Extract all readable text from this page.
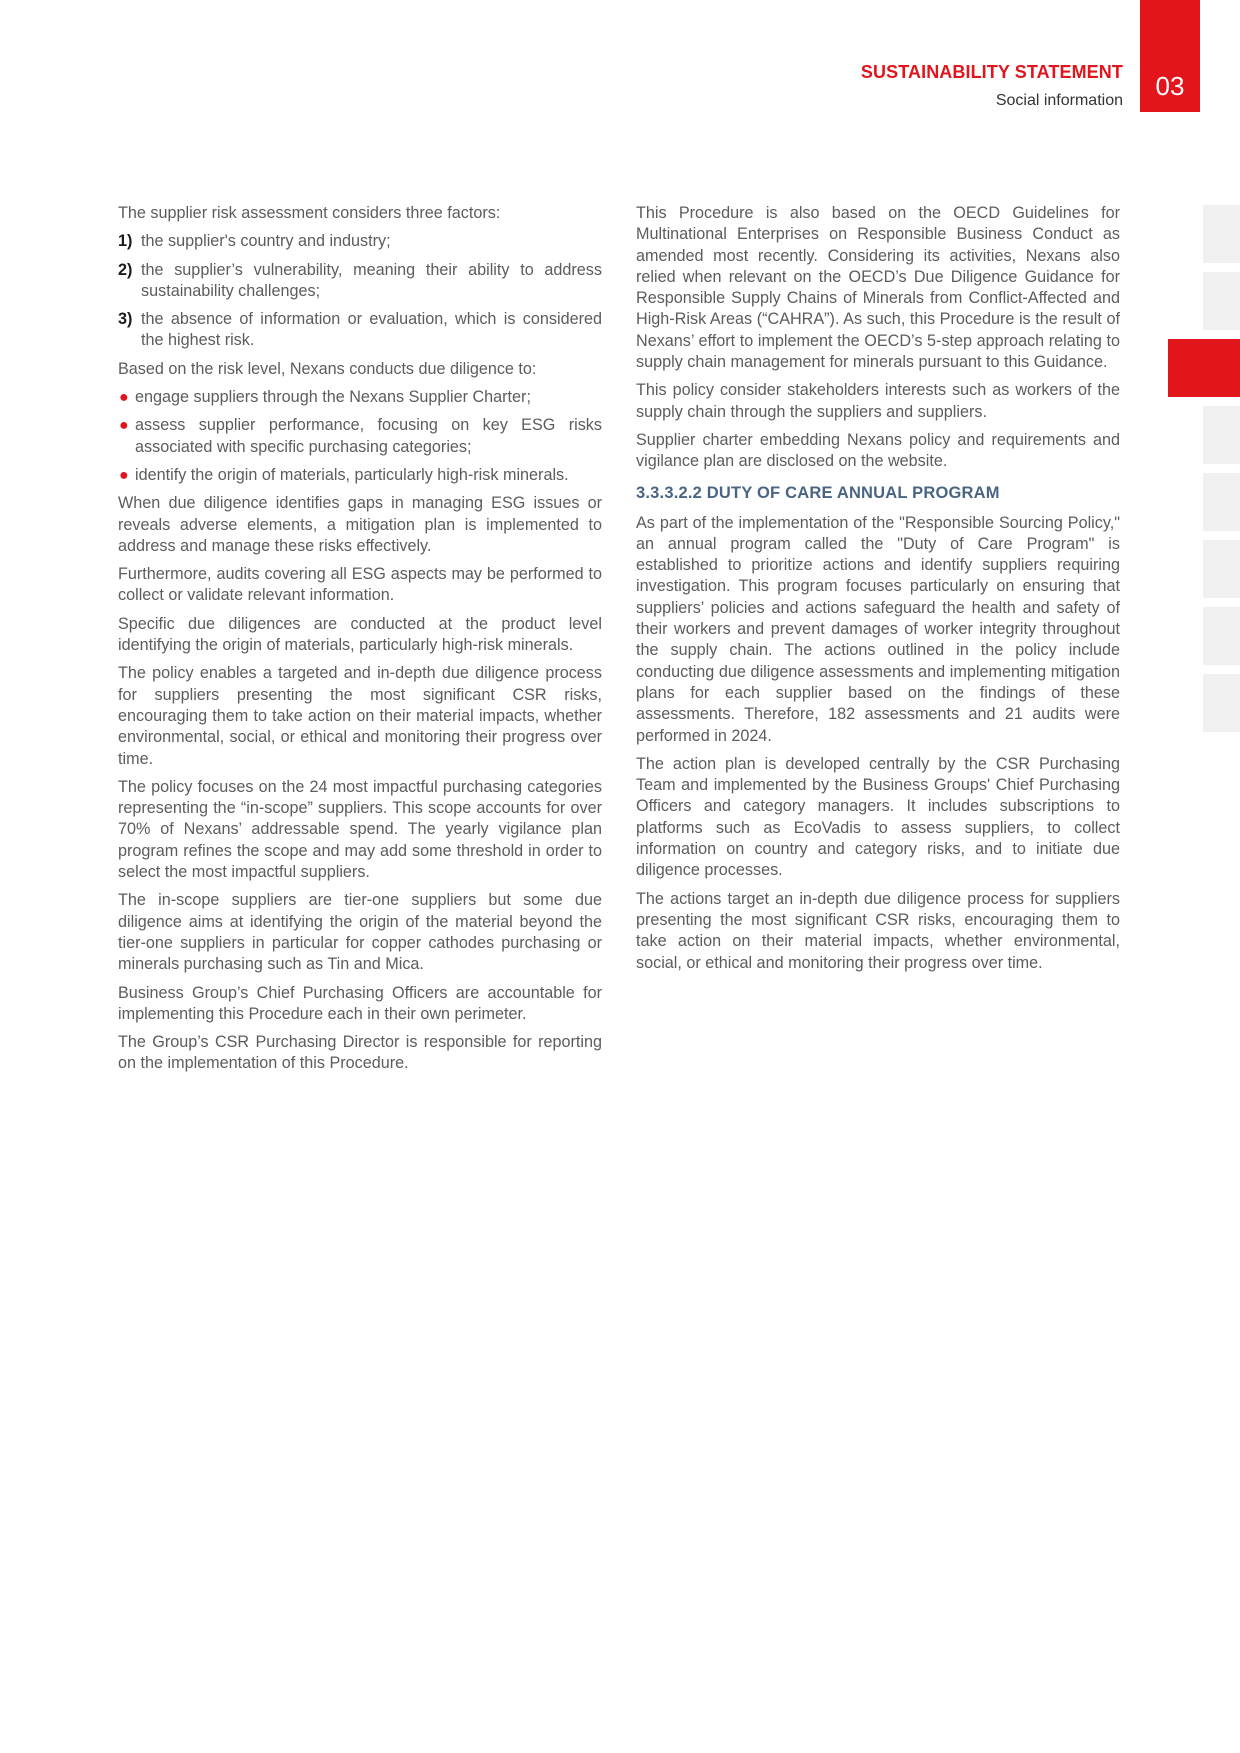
SUSTAINABILITY STATEMENT
Social information	03

The supplier risk assessment considers three factors:

1) the supplier's country and industry;
2) the supplier’s vulnerability, meaning their ability to address sustainability challenges;
3) the absence of information or evaluation, which is considered the highest risk.

Based on the risk level, Nexans conducts due diligence to:

● engage suppliers through the Nexans Supplier Charter;
● assess supplier performance, focusing on key ESG risks associated with specific purchasing categories;
● identify the origin of materials, particularly high-risk minerals.

When due diligence identifies gaps in managing ESG issues or reveals adverse elements, a mitigation plan is implemented to address and manage these risks effectively.

Furthermore, audits covering all ESG aspects may be performed to collect or validate relevant information.

Specific due diligences are conducted at the product level identifying the origin of materials, particularly high-risk minerals.

The policy enables a targeted and in-depth due diligence process for suppliers presenting the most significant CSR risks, encouraging them to take action on their material impacts, whether environmental, social, or ethical and monitoring their progress over time.

The policy focuses on the 24 most impactful purchasing categories representing the “in-scope” suppliers. This scope accounts for over 70% of Nexans’ addressable spend. The yearly vigilance plan program refines the scope and may add some threshold in order to select the most impactful suppliers.

The in-scope suppliers are tier-one suppliers but some due diligence aims at identifying the origin of the material beyond the tier-one suppliers in particular for copper cathodes purchasing or minerals purchasing such as Tin and Mica.

Business Group’s Chief Purchasing Officers are accountable for implementing this Procedure each in their own perimeter.

The Group’s CSR Purchasing Director is responsible for reporting on the implementation of this Procedure.

This Procedure is also based on the OECD Guidelines for Multinational Enterprises on Responsible Business Conduct as amended most recently. Considering its activities, Nexans also relied when relevant on the OECD’s Due Diligence Guidance for Responsible Supply Chains of Minerals from Conflict-Affected and High-Risk Areas (“CAHRA”). As such, this Procedure is the result of Nexans’ effort to implement the OECD’s 5-step approach relating to supply chain management for minerals pursuant to this Guidance.

This policy consider stakeholders interests such as workers of the supply chain through the suppliers and suppliers.

Supplier charter embedding Nexans policy and requirements and vigilance plan are disclosed on the website.

3.3.3.2.2 DUTY OF CARE ANNUAL PROGRAM

As part of the implementation of the "Responsible Sourcing Policy," an annual program called the "Duty of Care Program" is established to prioritize actions and identify suppliers requiring investigation. This program focuses particularly on ensuring that suppliers’ policies and actions safeguard the health and safety of their workers and prevent damages of worker integrity throughout the supply chain. The actions outlined in the policy include conducting due diligence assessments and implementing mitigation plans for each supplier based on the findings of these assessments. Therefore, 182 assessments and 21 audits were performed in 2024.

The action plan is developed centrally by the CSR Purchasing Team and implemented by the Business Groups' Chief Purchasing Officers and category managers. It includes subscriptions to platforms such as EcoVadis to assess suppliers, to collect information on country and category risks, and to initiate due diligence processes.

The actions target an in-depth due diligence process for suppliers presenting the most significant CSR risks, encouraging them to take action on their material impacts, whether environmental, social, or ethical and monitoring their progress over time.
